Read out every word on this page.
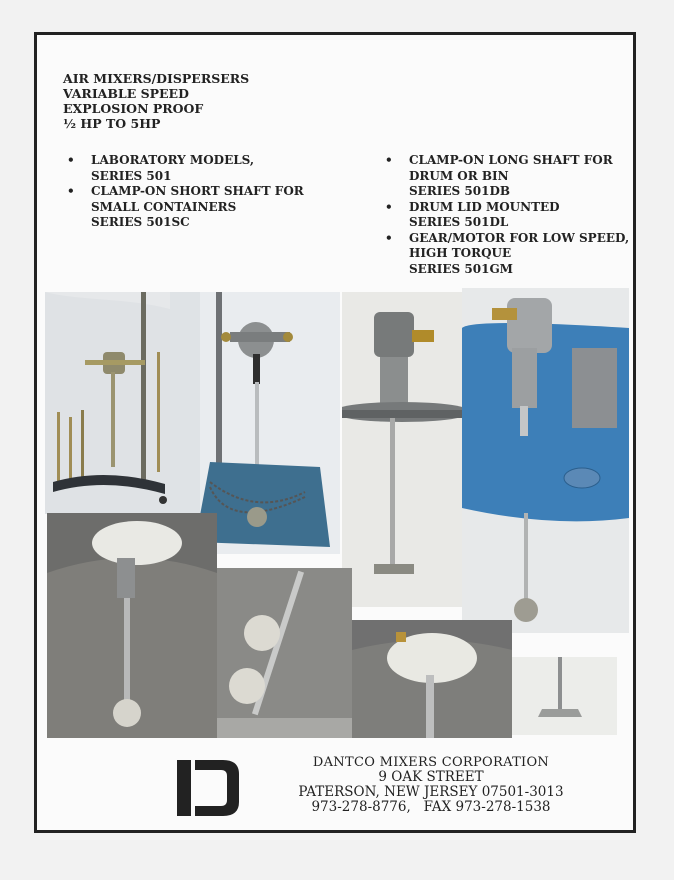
AIR MIXERS/DISPERSERS
VARIABLE SPEED
EXPLOSION PROOF
½ HP TO 5HP
• LABORATORY MODELS,
SERIES 501
• CLAMP-ON SHORT SHAFT FOR
SMALL CONTAINERS
SERIES 501SC
• CLAMP-ON LONG SHAFT FOR
DRUM OR BIN
SERIES 501DB
• DRUM LID MOUNTED
SERIES 501DL
• GEAR/MOTOR FOR LOW SPEED,
HIGH TORQUE
SERIES 501GM
DANTCO MIXERS CORPORATION
9 OAK STREET
PATERSON, NEW JERSEY 07501-3013
973-278-8776,   FAX 973-278-1538
